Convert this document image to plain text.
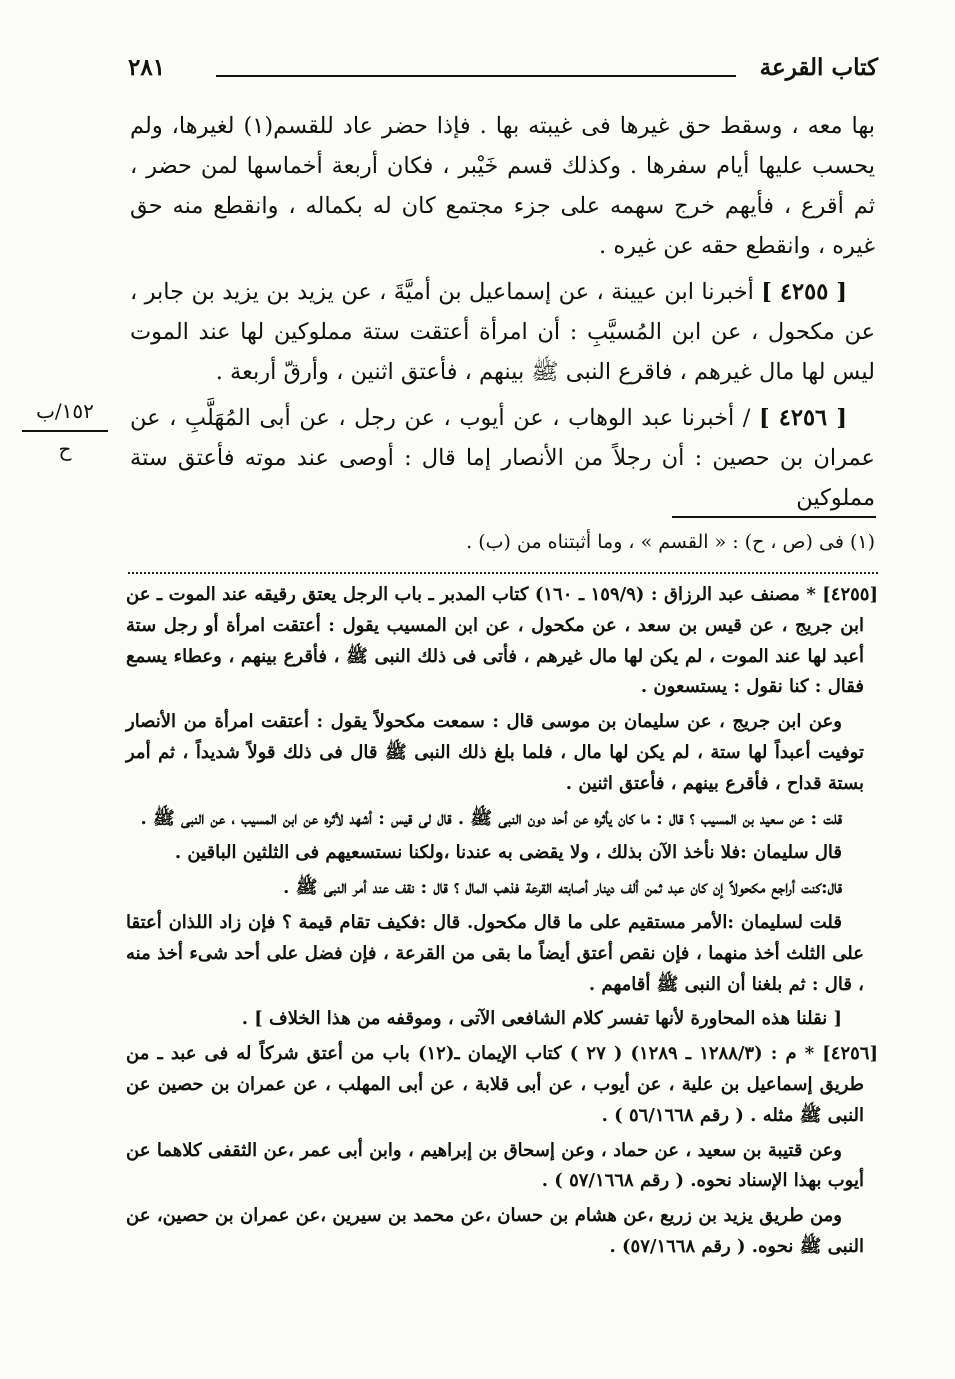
كتاب القرعة
٢٨١

بها معه ، وسقط حق غيرها فى غيبته بها . فإذا حضر عاد للقسم(١) لغيرها، ولم يحسب عليها أيام سفرها . وكذلك قسم خَيْبر ، فكان أربعة أخماسها لمن حضر ، ثم أقرع ، فأيهم خرج سهمه على جزء مجتمع كان له بكماله ، وانقطع منه حق غيره ، وانقطع حقه عن غيره .

[ ٤٢٥٥ ] أخبرنا ابن عيينة ، عن إسماعيل بن أميَّةَ ، عن يزيد بن يزيد بن جابر ، عن مكحول ، عن ابن المُسيَّبِ : أن امرأة أعتقت ستة مملوكين لها عند الموت ليس لها مال غيرهم ، فاقرع النبى ﷺ بينهم ، فأعتق اثنين ، وأرقّ أربعة .

[ ٤٢٥٦ ] / أخبرنا عبد الوهاب ، عن أيوب ، عن رجل ، عن أبى المُهَلَّبِ ، عن عمران بن حصين : أن رجلاً من الأنصار إما قال : أوصى عند موته فأعتق ستة مملوكين

١٥٢/ب
ح
(١) فى (ص ، ح) : « القسم » ، وما أثبتناه من (ب) .

[٤٢٥٥] * مصنف عبد الرزاق : (١٥٩/٩ ـ ١٦٠) كتاب المدبر ـ باب الرجل يعتق رقيقه عند الموت ـ عن ابن جريج ، عن قيس بن سعد ، عن مكحول ، عن ابن المسيب يقول : أعتقت امرأة أو رجل ستة أعبد لها عند الموت ، لم يكن لها مال غيرهم ، فأتى فى ذلك النبى ﷺ ، فأقرع بينهم ، وعطاء يسمع فقال : كنا نقول : يستسعون .

وعن ابن جريج ، عن سليمان بن موسى قال : سمعت مكحولاً يقول : أعتقت امرأة من الأنصار توفيت أعبداً لها ستة ، لم يكن لها مال ، فلما بلغ ذلك النبى ﷺ قال فى ذلك قولاً شديداً ، ثم أمر بستة قداح ، فأقرع بينهم ، فأعتق اثنين .

قلت : عن سعيد بن المسيب ؟ قال : ما كان يأثره عن أحد دون النبى ﷺ . قال لى قيس : أشهد لأثره عن ابن المسيب ، عن النبى ﷺ .

قال سليمان :فلا نأخذ الآن بذلك ، ولا يقضى به عندنا ،ولكنا نستسعيهم فى الثلثين الباقين .

قال:كنت أراجع مكحولاً إن كان عبد ثمن ألف دينار أصابته القرعة فذهب المال ؟ قال : نقف عند أمر النبى ﷺ .

قلت لسليمان :الأمر مستقيم على ما قال مكحول. قال :فكيف تقام قيمة ؟ فإن زاد اللذان أعتقا على الثلث أخذ منهما ، فإن نقص أعتق أيضاً ما بقى من القرعة ، فإن فضل على أحد شىء أخذ منه ، قال : ثم بلغنا أن النبى ﷺ أقامهم .

[ نقلنا هذه المحاورة لأنها تفسر كلام الشافعى الآتى ، وموقفه من هذا الخلاف ] .

[٤٢٥٦] * م : (١٢٨٨/٣ ـ ١٢٨٩) ( ٢٧ ) كتاب الإيمان ـ(١٢) باب من أعتق شركاً له فى عبد ـ من طريق إسماعيل بن علية ، عن أيوب ، عن أبى قلابة ، عن أبى المهلب ، عن عمران بن حصين عن النبى ﷺ مثله . ( رقم ٥٦/١٦٦٨ ) .

وعن قتيبة بن سعيد ، عن حماد ، وعن إسحاق بن إبراهيم ، وابن أبى عمر ،عن الثقفى كلاهما عن أيوب بهذا الإسناد نحوه. ( رقم ٥٧/١٦٦٨ ) .

ومن طريق يزيد بن زريع ،عن هشام بن حسان ،عن محمد بن سيرين ،عن عمران بن حصين، عن النبى ﷺ نحوه. ( رقم ٥٧/١٦٦٨) .
